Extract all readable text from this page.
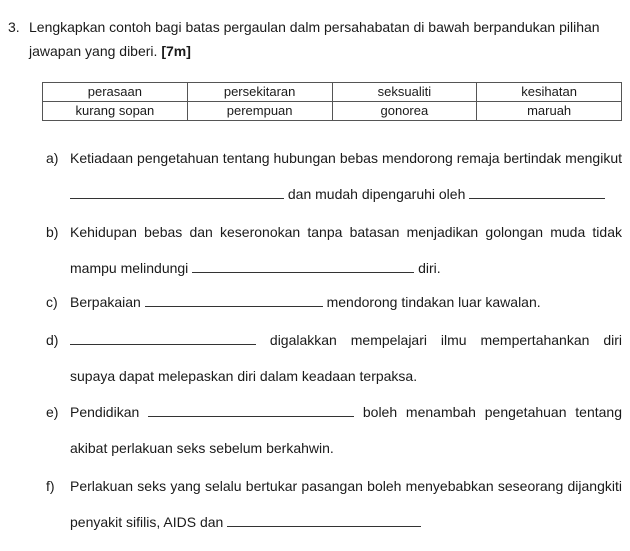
3. Lengkapkan contoh bagi batas pergaulan dalm persahabatan di bawah berpandukan pilihan
jawapan yang diberi. [7m]
perasaan	persekitaran	seksualiti	kesihatan
kurang sopan	perempuan	gonorea	maruah
a) Ketiadaan pengetahuan tentang hubungan bebas mendorong remaja bertindak mengikut
dan mudah dipengaruhi oleh
b) Kehidupan bebas dan keseronokan tanpa batasan menjadikan golongan muda tidak
mampu melindungi	diri.
c) Berpakaian	mendorong tindakan luar kawalan.
d)	digalakkan mempelajari ilmu mempertahankan diri
supaya dapat melepaskan diri dalam keadaan terpaksa.
e) Pendidikan	boleh menambah pengetahuan tentang
akibat perlakuan seks sebelum berkahwin.
f) Perlakuan seks yang selalu bertukar pasangan boleh menyebabkan seseorang dijangkiti
penyakit sifilis, AIDS dan
